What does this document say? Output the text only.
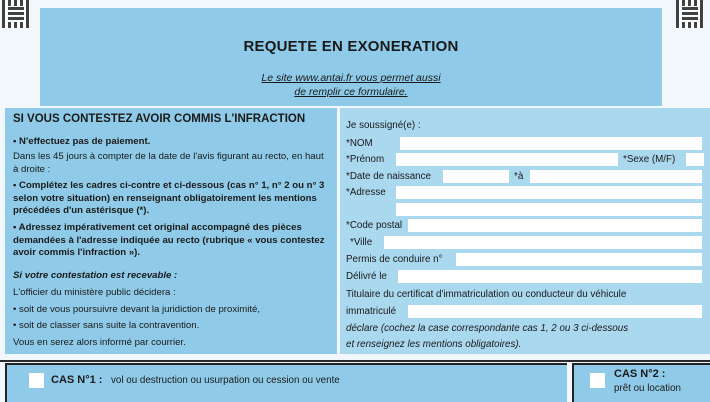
REQUETE EN EXONERATION
Le site www.antai.fr vous permet aussi
de remplir ce formulaire.
SI VOUS CONTESTEZ AVOIR COMMIS L'INFRACTION
• N'effectuez pas de paiement.
Dans les 45 jours à compter de la date de l'avis figurant au recto, en haut à droite :
• Complétez les cadres ci-contre et ci-dessous (cas n° 1, n° 2 ou n° 3 selon votre situation) en renseignant obligatoirement les mentions précédées d'un astérisque (*).
• Adressez impérativement cet original accompagné des pièces demandées à l'adresse indiquée au recto (rubrique « vous contestez avoir commis l'infraction »).
Si votre contestation est recevable :
L'officier du ministère public décidera :
• soit de vous poursuivre devant la juridiction de proximité,
• soit de classer sans suite la contravention.
Vous en serez alors informé par courrier.
Je soussigné(e) :
*NOM
*Prénom	*Sexe (M/F)
*Date de naissance	*à
*Adresse
*Code postal
*Ville
Permis de conduire n°
Délivré le
Titulaire du certificat d'immatriculation ou conducteur du véhicule
immatriculé
déclare (cochez la case correspondante cas 1, 2 ou 3 ci-dessous
et renseignez les mentions obligatoires).
CAS N°1 : vol ou destruction ou usurpation ou cession ou vente
CAS N°2 :
prêt ou location
